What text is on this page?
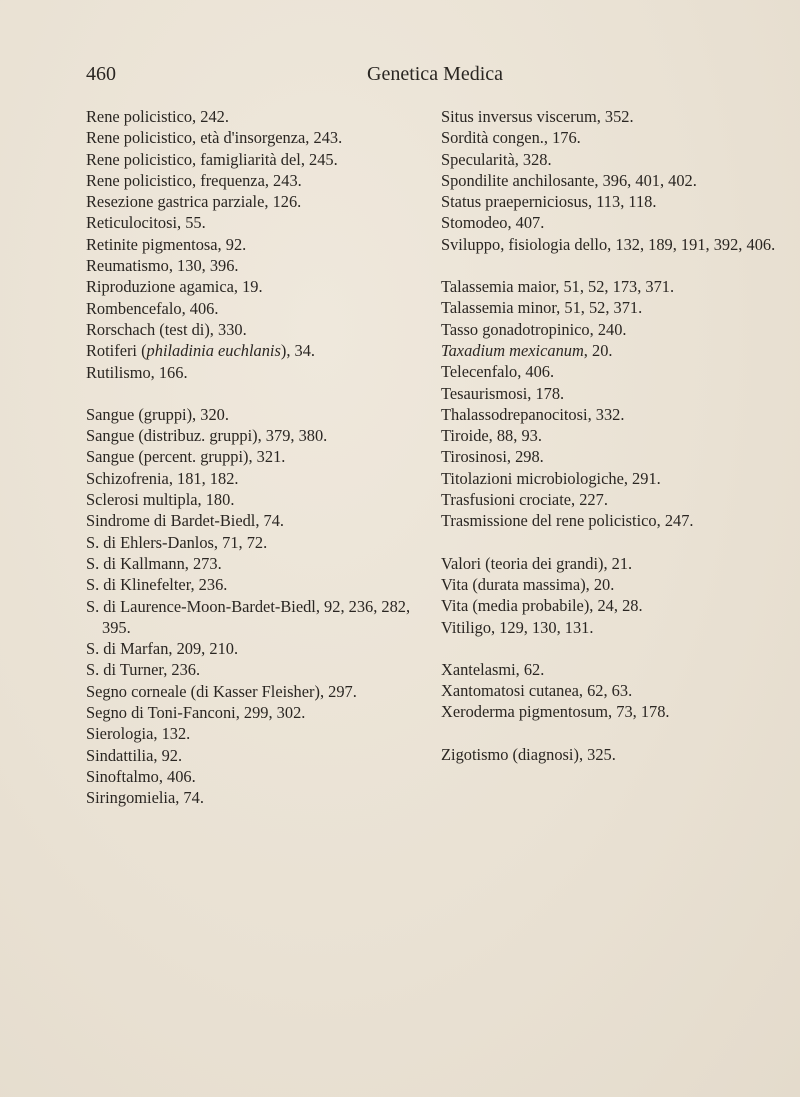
460	Genetica Medica
Rene policistico, 242.
Rene policistico, età d'insorgenza, 243.
Rene policistico, famigliarità del, 245.
Rene policistico, frequenza, 243.
Resezione gastrica parziale, 126.
Reticulocitosi, 55.
Retinite pigmentosa, 92.
Reumatismo, 130, 396.
Riproduzione agamica, 19.
Rombencefalo, 406.
Rorschach (test di), 330.
Rotiferi (philadinia euchlanis), 34.
Rutilismo, 166.
Sangue (gruppi), 320.
Sangue (distribuz. gruppi), 379, 380.
Sangue (percent. gruppi), 321.
Schizofrenia, 181, 182.
Sclerosi multipla, 180.
Sindrome di Bardet-Biedl, 74.
S. di Ehlers-Danlos, 71, 72.
S. di Kallmann, 273.
S. di Klinefelter, 236.
S. di Laurence-Moon-Bardet-Biedl, 92, 236, 282, 395.
S. di Marfan, 209, 210.
S. di Turner, 236.
Segno corneale (di Kasser Fleisher), 297.
Segno di Toni-Fanconi, 299, 302.
Sierologia, 132.
Sindattilia, 92.
Sinoftalmo, 406.
Siringomielia, 74.
Situs inversus viscerum, 352.
Sordità congen., 176.
Specularità, 328.
Spondilite anchilosante, 396, 401, 402.
Status praeperniciosus, 113, 118.
Stomodeo, 407.
Sviluppo, fisiologia dello, 132, 189, 191, 392, 406.
Talassemia maior, 51, 52, 173, 371.
Talassemia minor, 51, 52, 371.
Tasso gonadotropinico, 240.
Taxadium mexicanum, 20.
Telecenfalo, 406.
Tesaurismosi, 178.
Thalassodrepanocitosi, 332.
Tiroide, 88, 93.
Tirosinosi, 298.
Titolazioni microbiologiche, 291.
Trasfusioni crociate, 227.
Trasmissione del rene policistico, 247.
Valori (teoria dei grandi), 21.
Vita (durata massima), 20.
Vita (media probabile), 24, 28.
Vitiligo, 129, 130, 131.
Xantelasmi, 62.
Xantomatosi cutanea, 62, 63.
Xeroderma pigmentosum, 73, 178.
Zigotismo (diagnosi), 325.
